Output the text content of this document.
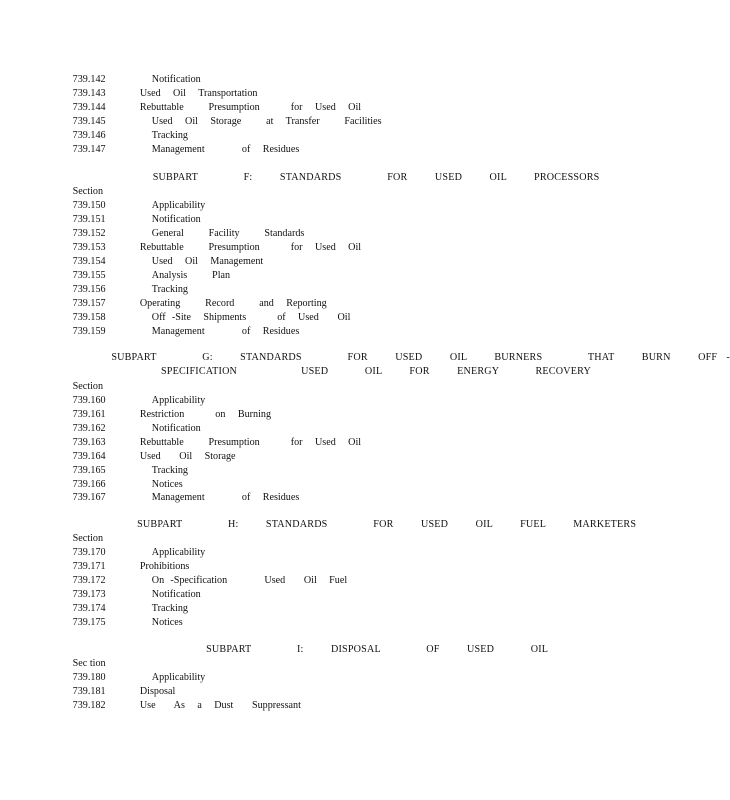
739.142	Notification
739.143	Used  Oil  Transportation
739.144	Rebuttable    Presumption     for  Used  Oil
739.145	Used  Oil  Storage    at  Transfer    Facilities
739.146	Tracking
739.147	Management      of  Residues
SUBPART     F:   STANDARDS     FOR   USED   OIL   PROCESSORS
Section
739.150	Applicability
739.151	Notification
739.152	General    Facility    Standards
739.153	Rebuttable    Presumption     for  Used  Oil
739.154	Used  Oil  Management
739.155	Analysis    Plan
739.156	Tracking
739.157	Operating    Record    and  Reporting
739.158	Off -Site  Shipments     of  Used   Oil
739.159	Management      of  Residues
SUBPART     G:   STANDARDS     FOR   USED   OIL   BURNERS     THAT   BURN   OFF -
SPECIFICATION       USED    OIL   FOR   ENERGY    RECOVERY
Section
739.160	Applicability
739.161	Restriction     on  Burning
739.162	Notification
739.163	Rebuttable    Presumption     for  Used  Oil
739.164	Used   Oil  Storage
739.165	Tracking
739.166	Notices
739.167	Management      of  Residues
SUBPART     H:   STANDARDS     FOR   USED   OIL   FUEL   MARKETERS
Section
739.170	Applicability
739.171	Prohibitions
739.172	On -Specification      Used   Oil  Fuel
739.173	Notification
739.174	Tracking
739.175	Notices
SUBPART     I:   DISPOSAL     OF   USED    OIL
Sec tion
739.180	Applicability
739.181	Disposal
739.182	Use   As  a  Dust   Suppressant
